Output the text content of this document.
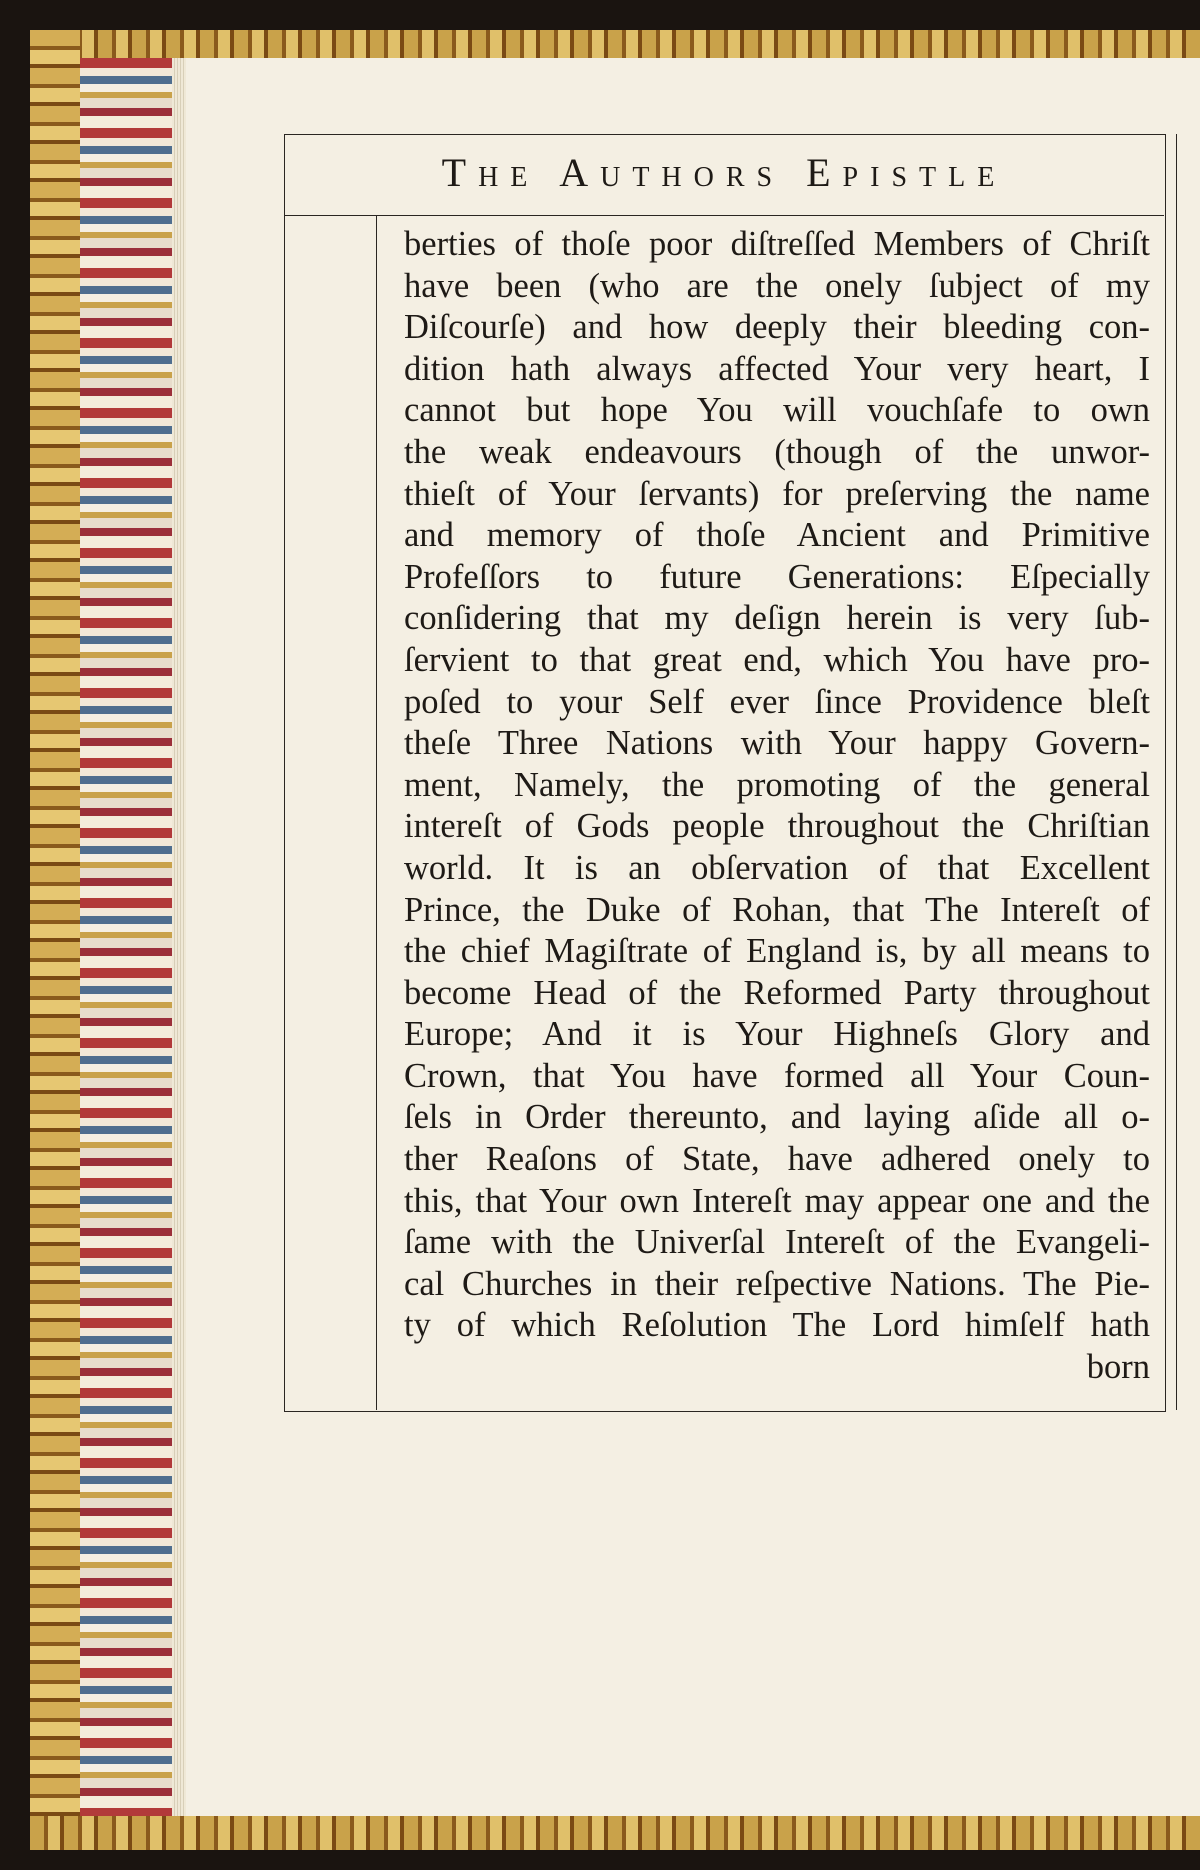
The Authors Epistle
berties of thoſe poor diſtreſſed Members of Chriſt
have been (who are the onely ſubject of my
Diſcourſe) and how deeply their bleeding con-
dition hath always affected Your very heart, I
cannot but hope You will vouchſafe to own
the weak endeavours (though of the unwor-
thieſt of Your ſervants) for preſerving the name
and memory of thoſe Ancient and Primitive
Profeſſors to future Generations: Eſpecially
conſidering that my deſign herein is very ſub-
ſervient to that great end, which You have pro-
poſed to your Self ever ſince Providence bleſt
theſe Three Nations with Your happy Govern-
ment, Namely, the promoting of the general
intereſt of Gods people throughout the Chriſtian
world. It is an obſervation of that Excellent
Prince, the Duke of Rohan, that The Intereſt of
the chief Magiſtrate of England is, by all means to
become Head of the Reformed Party throughout
Europe; And it is Your Highneſs Glory and
Crown, that You have formed all Your Coun-
ſels in Order thereunto, and laying aſide all o-
ther Reaſons of State, have adhered onely to
this, that Your own Intereſt may appear one and the
ſame with the Univerſal Intereſt of the Evangeli-
cal Churches in their reſpective Nations. The Pie-
ty of which Reſolution The Lord himſelf hath
born
